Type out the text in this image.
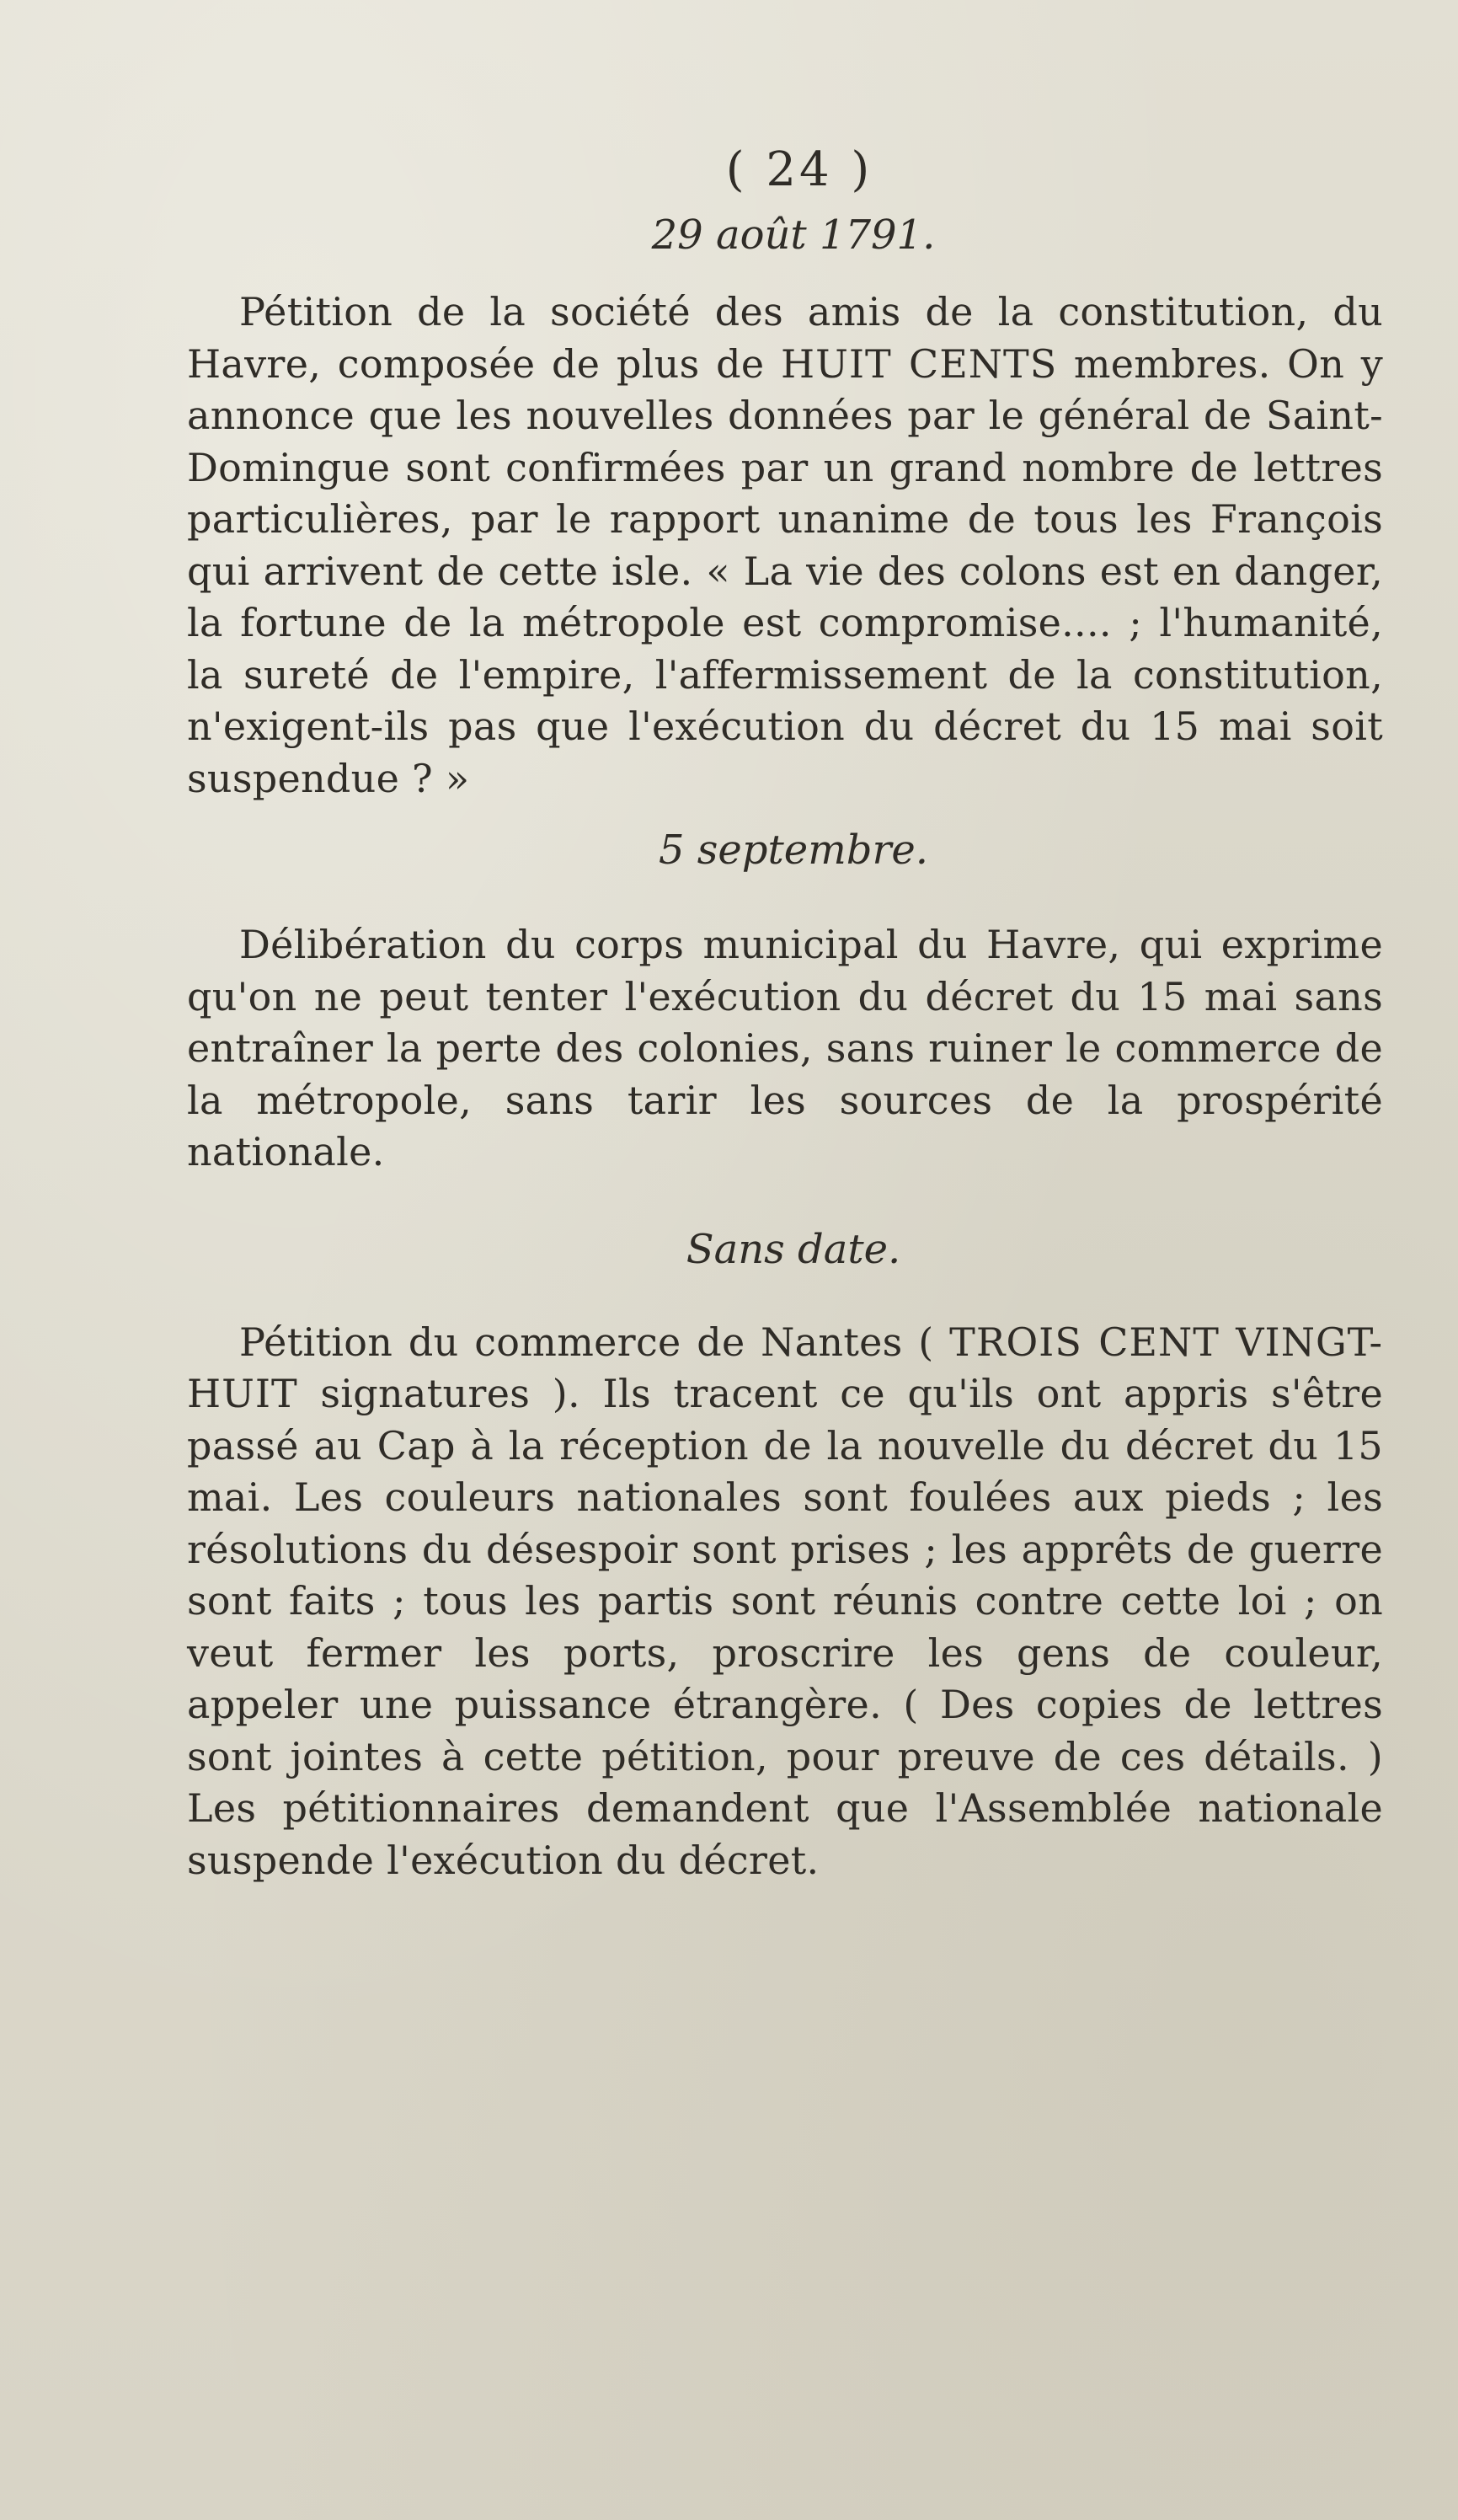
( 24 )
29 août 1791.

Pétition de la société des amis de la constitution, du Havre, composée de plus de HUIT CENTS membres. On y annonce que les nouvelles données par le général de Saint-Domingue sont confirmées par un grand nombre de lettres particulières, par le rapport unanime de tous les François qui arrivent de cette isle. « La vie des colons est en danger, la fortune de la métropole est compromise.... ; l'humanité, la sureté de l'empire, l'affermissement de la constitution, n'exigent-ils pas que l'exécution du décret du 15 mai soit suspendue ? »

5 septembre.

Délibération du corps municipal du Havre, qui exprime qu'on ne peut tenter l'exécution du décret du 15 mai sans entraîner la perte des colonies, sans ruiner le commerce de la métropole, sans tarir les sources de la prospérité nationale.

Sans date.

Pétition du commerce de Nantes ( TROIS CENT VINGT-HUIT signatures ). Ils tracent ce qu'ils ont appris s'être passé au Cap à la réception de la nouvelle du décret du 15 mai. Les couleurs nationales sont foulées aux pieds ; les résolutions du désespoir sont prises ; les apprêts de guerre sont faits ; tous les partis sont réunis contre cette loi ; on veut fermer les ports, proscrire les gens de couleur, appeler une puissance étrangère. ( Des copies de lettres sont jointes à cette pétition, pour preuve de ces détails. ) Les pétitionnaires demandent que l'Assemblée nationale suspende l'exécution du décret.
